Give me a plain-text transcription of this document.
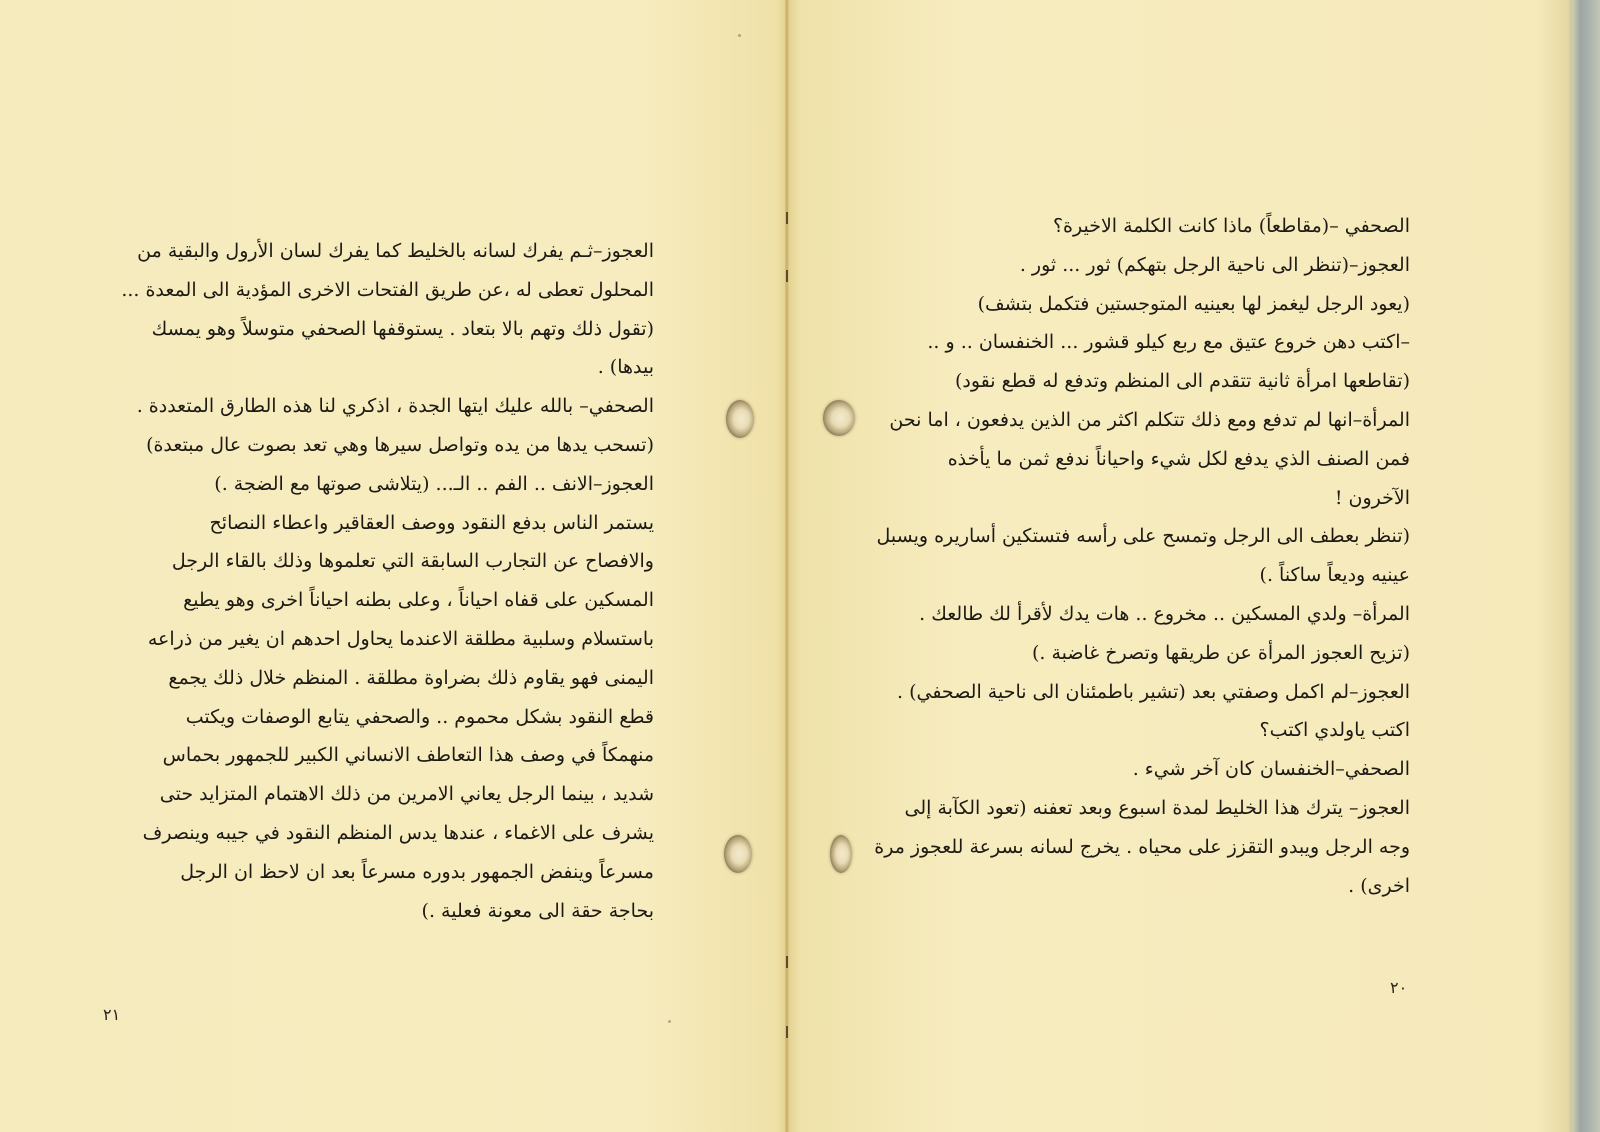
العجوز–ثـم يفرك لسانه بالخليط كما يفرك لسان الأرول والبقية من

المحلول تعطى له ،عن طريق الفتحات الاخرى المؤدية الى المعدة ...

(تقول ذلك وتهم بالا بتعاد . يستوقفها الصحفي متوسلاً وهو يمسك

بيدها) .

الصحفي– بالله عليك ايتها الجدة ، اذكري لنا هذه الطارق المتعددة .

(تسحب يدها من يده وتواصل سيرها وهي تعد بصوت عال مبتعدة)

العجوز–الانف .. الفم .. الـ... (يتلاشى صوتها مع الضجة .)

يستمر الناس بدفع النقود ووصف العقاقير واعطاء النصائح

والافصاح عن التجارب السابقة التي تعلموها وذلك بالقاء الرجل

المسكين على قفاه احياناً ، وعلى بطنه احياناً اخرى وهو يطيع

باستسلام وسلبية مطلقة الاعندما يحاول احدهم ان يغير من ذراعه

اليمنى فهو يقاوم ذلك بضراوة مطلقة . المنظم خلال ذلك يجمع

قطع النقود بشكل محموم .. والصحفي يتابع الوصفات ويكتب

منهمكاً في وصف هذا التعاطف الانساني الكبير للجمهور بحماس

شديد ، بينما الرجل يعاني الامرين من ذلك الاهتمام المتزايد حتى

يشرف على الاغماء ، عندها يدس المنظم النقود في جيبه وينصرف

مسرعاً وينفض الجمهور بدوره مسرعاً بعد ان لاحظ ان الرجل

بحاجة حقة الى معونة فعلية .)

٢١

الصحفي –(مقاطعاً) ماذا كانت الكلمة الاخيرة؟

العجوز–(تنظر الى ناحية الرجل بتهكم) ثور ... ثور .

(يعود الرجل ليغمز لها بعينيه المتوجستين فتكمل بتشف)

–اكتب دهن خروع عتيق مع ربع كيلو قشور ... الخنفسان .. و ..

(تقاطعها امرأة ثانية تتقدم الى المنظم وتدفع له قطع نقود)

المرأة–انها لم تدفع ومع ذلك تتكلم اكثر من الذين يدفعون ، اما نحن

فمن الصنف الذي يدفع لكل شيء واحياناً ندفع ثمن ما يأخذه

الآخرون !

(تنظر بعطف الى الرجل وتمسح على رأسه فتستكين أساريره ويسبل

عينيه وديعاً ساكناً .)

المرأة– ولدي المسكين .. مخروع .. هات يدك لأقرأ لك طالعك .

(تزيح العجوز المرأة عن طريقها وتصرخ غاضبة .)

العجوز–لم اكمل وصفتي بعد (تشير باطمئنان الى ناحية الصحفي) .

اكتب ياولدي اكتب؟

الصحفي–الخنفسان كان آخر شيء .

العجوز– يترك هذا الخليط لمدة اسبوع وبعد تعفنه (تعود الكآبة إلى

وجه الرجل ويبدو التقزز على محياه . يخرج لسانه بسرعة للعجوز مرة

اخرى) .

٢٠
